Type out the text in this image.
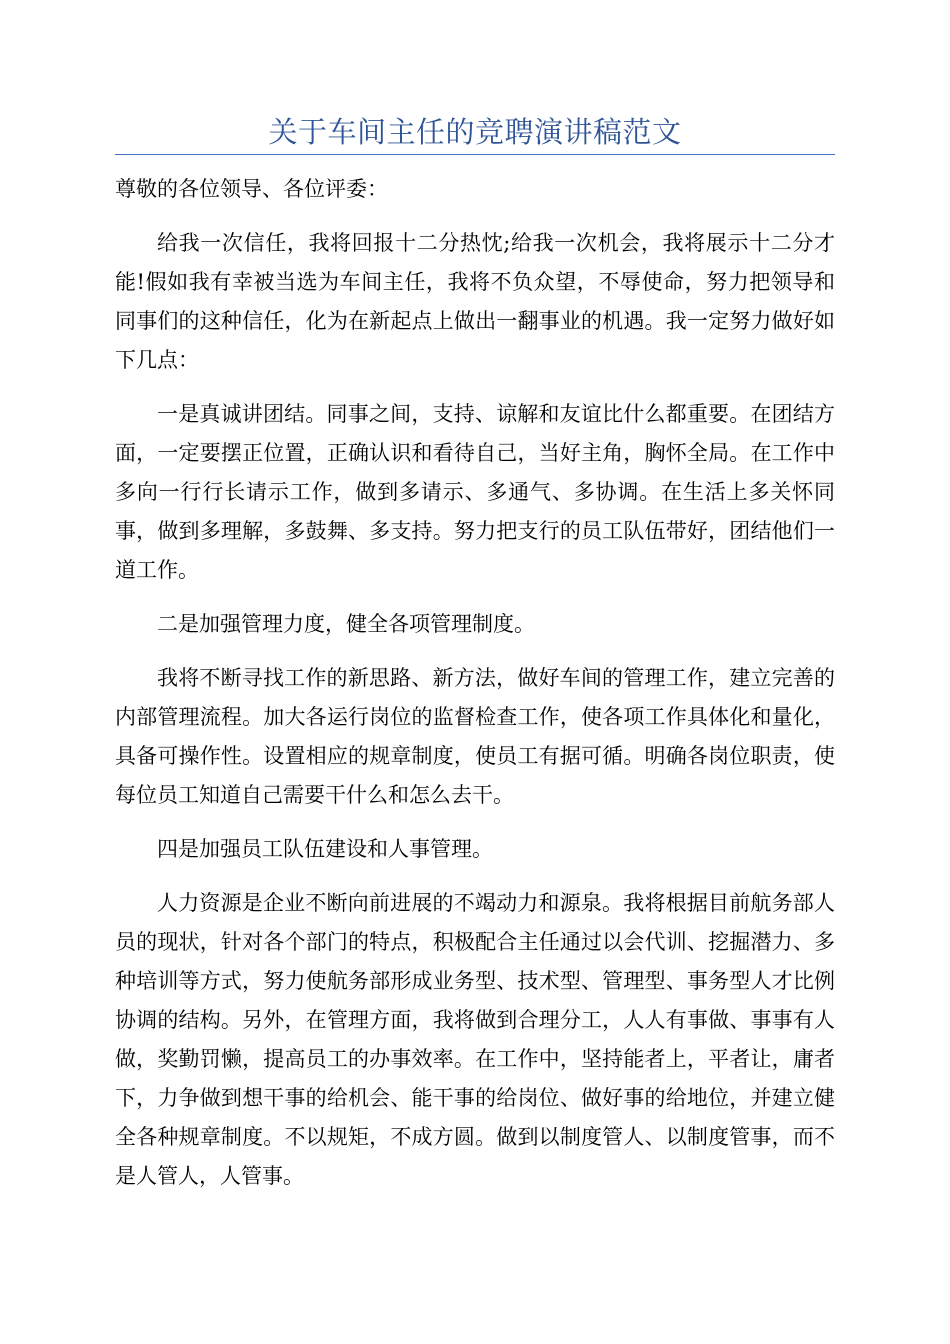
关于车间主任的竞聘演讲稿范文

尊敬的各位领导、各位评委：

给我一次信任，我将回报十二分热忱;给我一次机会，我将展示十二分才能!假如我有幸被当选为车间主任，我将不负众望，不辱使命，努力把领导和同事们的这种信任，化为在新起点上做出一翻事业的机遇。我一定努力做好如下几点：

一是真诚讲团结。同事之间，支持、谅解和友谊比什么都重要。在团结方面，一定要摆正位置，正确认识和看待自己，当好主角，胸怀全局。在工作中多向一行行长请示工作，做到多请示、多通气、多协调。在生活上多关怀同事，做到多理解，多鼓舞、多支持。努力把支行的员工队伍带好，团结他们一道工作。

二是加强管理力度，健全各项管理制度。

我将不断寻找工作的新思路、新方法，做好车间的管理工作，建立完善的内部管理流程。加大各运行岗位的监督检查工作，使各项工作具体化和量化，具备可操作性。设置相应的规章制度，使员工有据可循。明确各岗位职责，使每位员工知道自己需要干什么和怎么去干。

四是加强员工队伍建设和人事管理。

人力资源是企业不断向前进展的不竭动力和源泉。我将根据目前航务部人员的现状，针对各个部门的特点，积极配合主任通过以会代训、挖掘潜力、多种培训等方式，努力使航务部形成业务型、技术型、管理型、事务型人才比例协调的结构。另外，在管理方面，我将做到合理分工，人人有事做、事事有人做，奖勤罚懒，提高员工的办事效率。在工作中，坚持能者上，平者让，庸者下，力争做到想干事的给机会、能干事的给岗位、做好事的给地位，并建立健全各种规章制度。不以规矩，不成方圆。做到以制度管人、以制度管事，而不是人管人，人管事。
